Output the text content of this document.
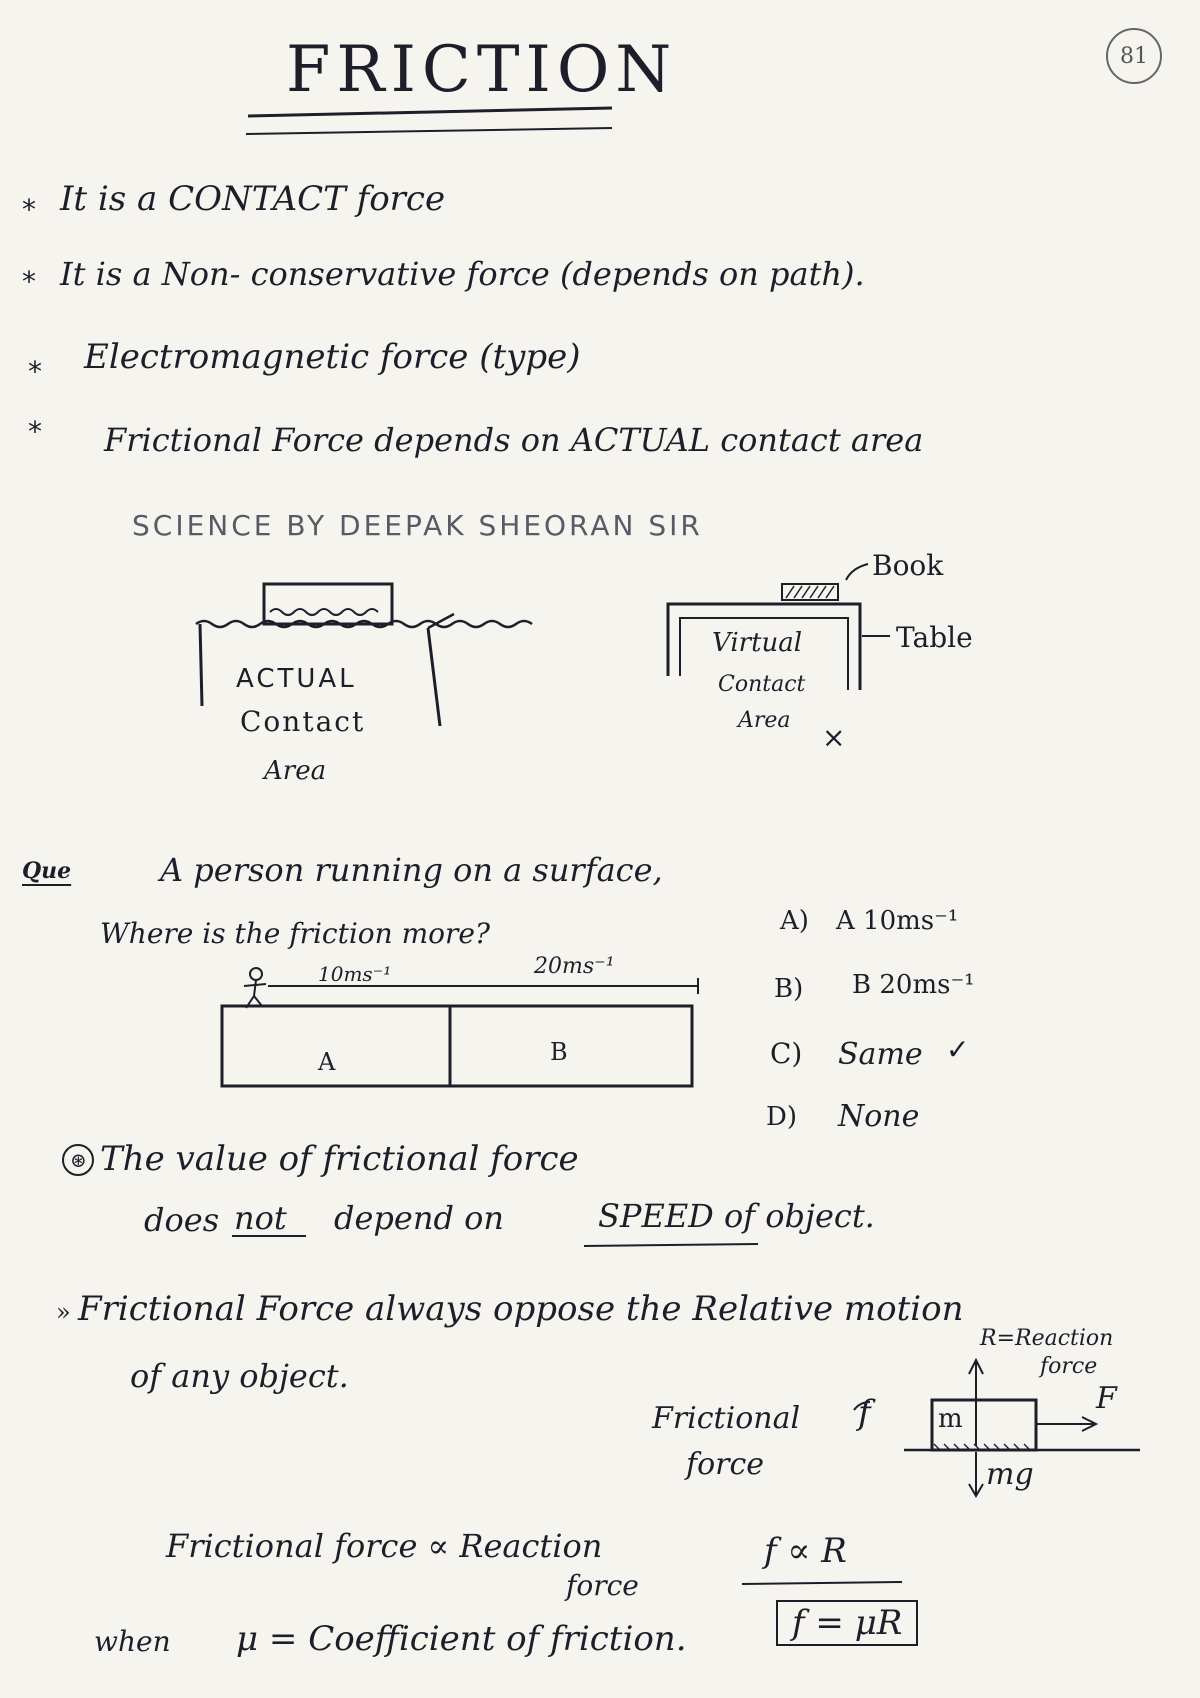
81
FRICTION
* It is a CONTACT force
* It is a Non- conservative force (depends on path).
* Electromagnetic force (type)
* Frictional Force depends on ACTUAL contact area
SCIENCE BY DEEPAK SHEORAN SIR
ACTUAL
Contact
Area
Virtual
Contact
Area
×
Book
Table
Que	A person running on a surface,
Where is the friction more?
10ms⁻¹	20ms⁻¹
A	B
A) A 10ms⁻¹
B) B 20ms⁻¹
C) Same ✓
D) None
⊛ The value of frictional force
does not depend on	SPEED of object.
» Frictional Force always oppose the Relative motion
of any object.
R=Reaction
force
F
m
mg
Frictional
force
f
Frictional force ∝ Reaction
force
f ∝ R
f = μR
when μ = Coefficient of friction.
